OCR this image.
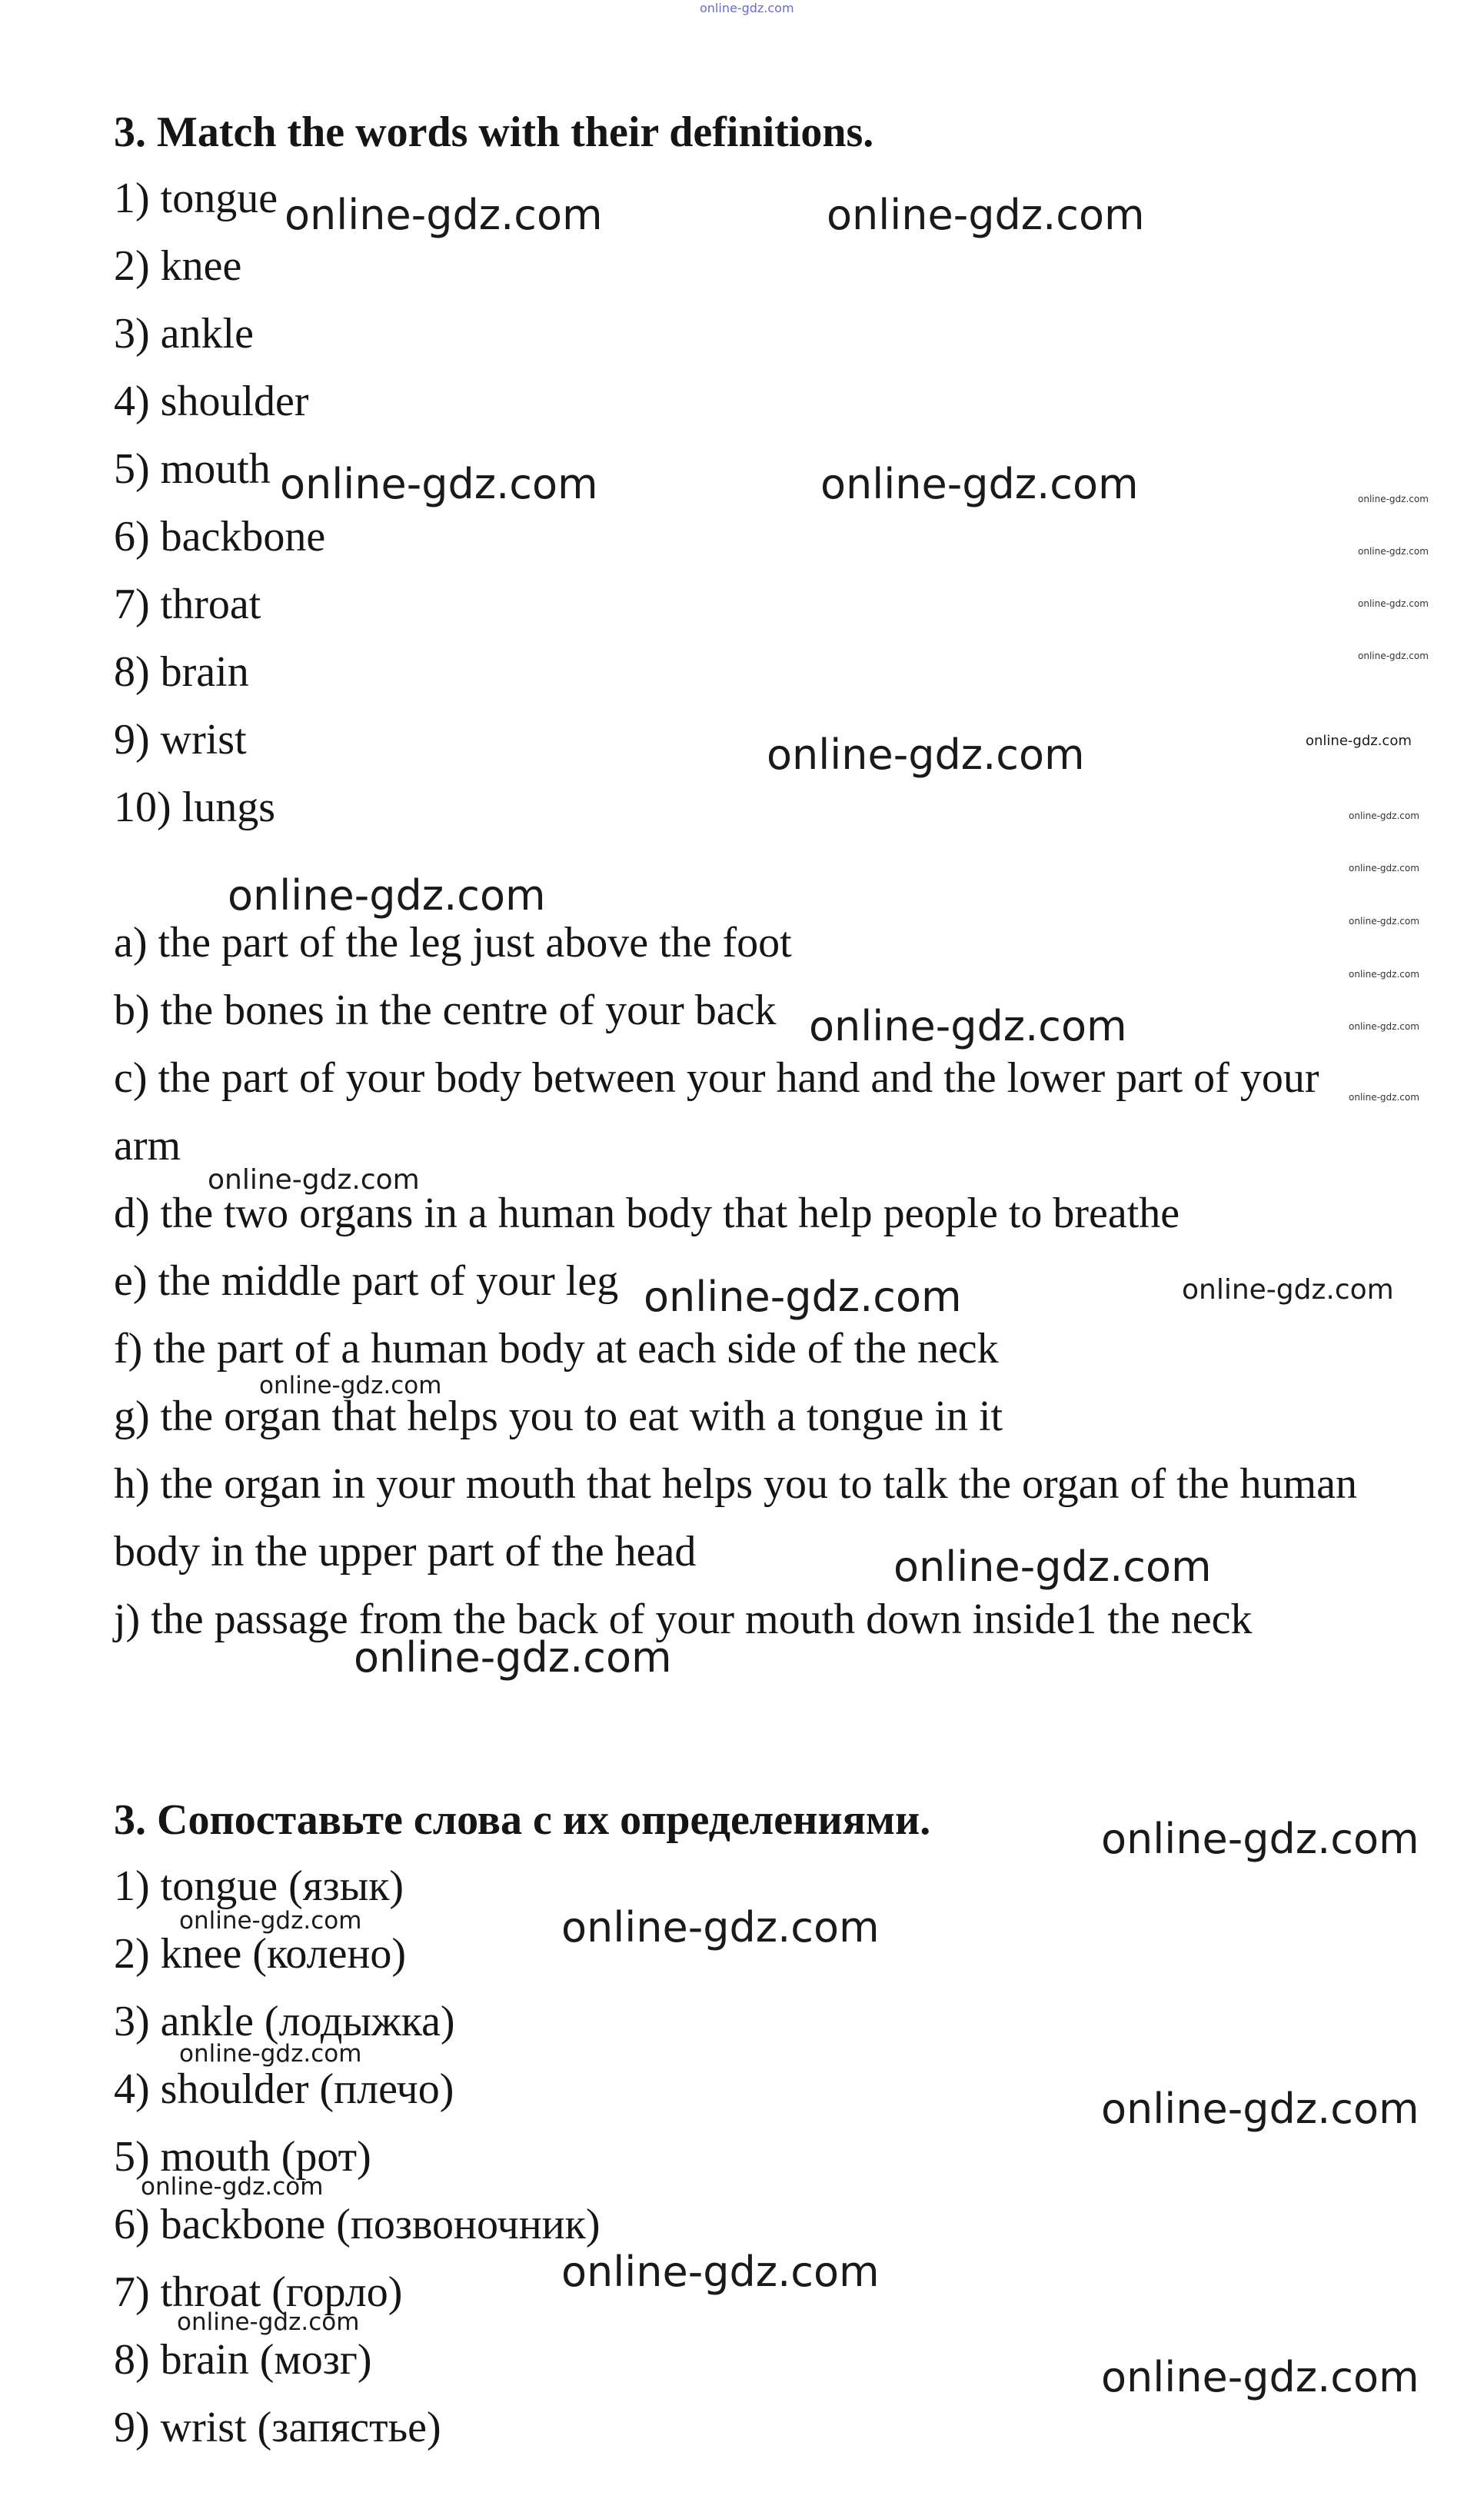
3. Match the words with their definitions.
1) tongue
2) knee
3) ankle
4) shoulder
5) mouth
6) backbone
7) throat
8) brain
9) wrist
10) lungs
a) the part of the leg just above the foot
b) the bones in the centre of your back
c) the part of your body between your hand and the lower part of your
arm
d) the two organs in a human body that help people to breathe
e) the middle part of your leg
f) the part of a human body at each side of the neck
g) the organ that helps you to eat with a tongue in it
h) the organ in your mouth that helps you to talk the organ of the human
body in the upper part of the head
j) the passage from the back of your mouth down inside1 the neck
3. Сопоставьте слова с их определениями.
1) tongue (язык)
2) knee (колено)
3) ankle (лодыжка)
4) shoulder (плечо)
5) mouth (рот)
6) backbone (позвоночник)
7) throat (горло)
8) brain (мозг)
9) wrist (запястье)
online-gdz.com
online-gdz.com	online-gdz.com
online-gdz.com	online-gdz.com
online-gdz.com
online-gdz.com
online-gdz.com
online-gdz.com
online-gdz.com
online-gdz.com
online-gdz.com
online-gdz.com
online-gdz.com
online-gdz.com
online-gdz.com
online-gdz.com
online-gdz.com
online-gdz.com
online-gdz.com
online-gdz.com
online-gdz.com
online-gdz.com
online-gdz.com
online-gdz.com
online-gdz.com
online-gdz.com
online-gdz.com
online-gdz.com
online-gdz.com
online-gdz.com
online-gdz.com
online-gdz.com
online-gdz.com
